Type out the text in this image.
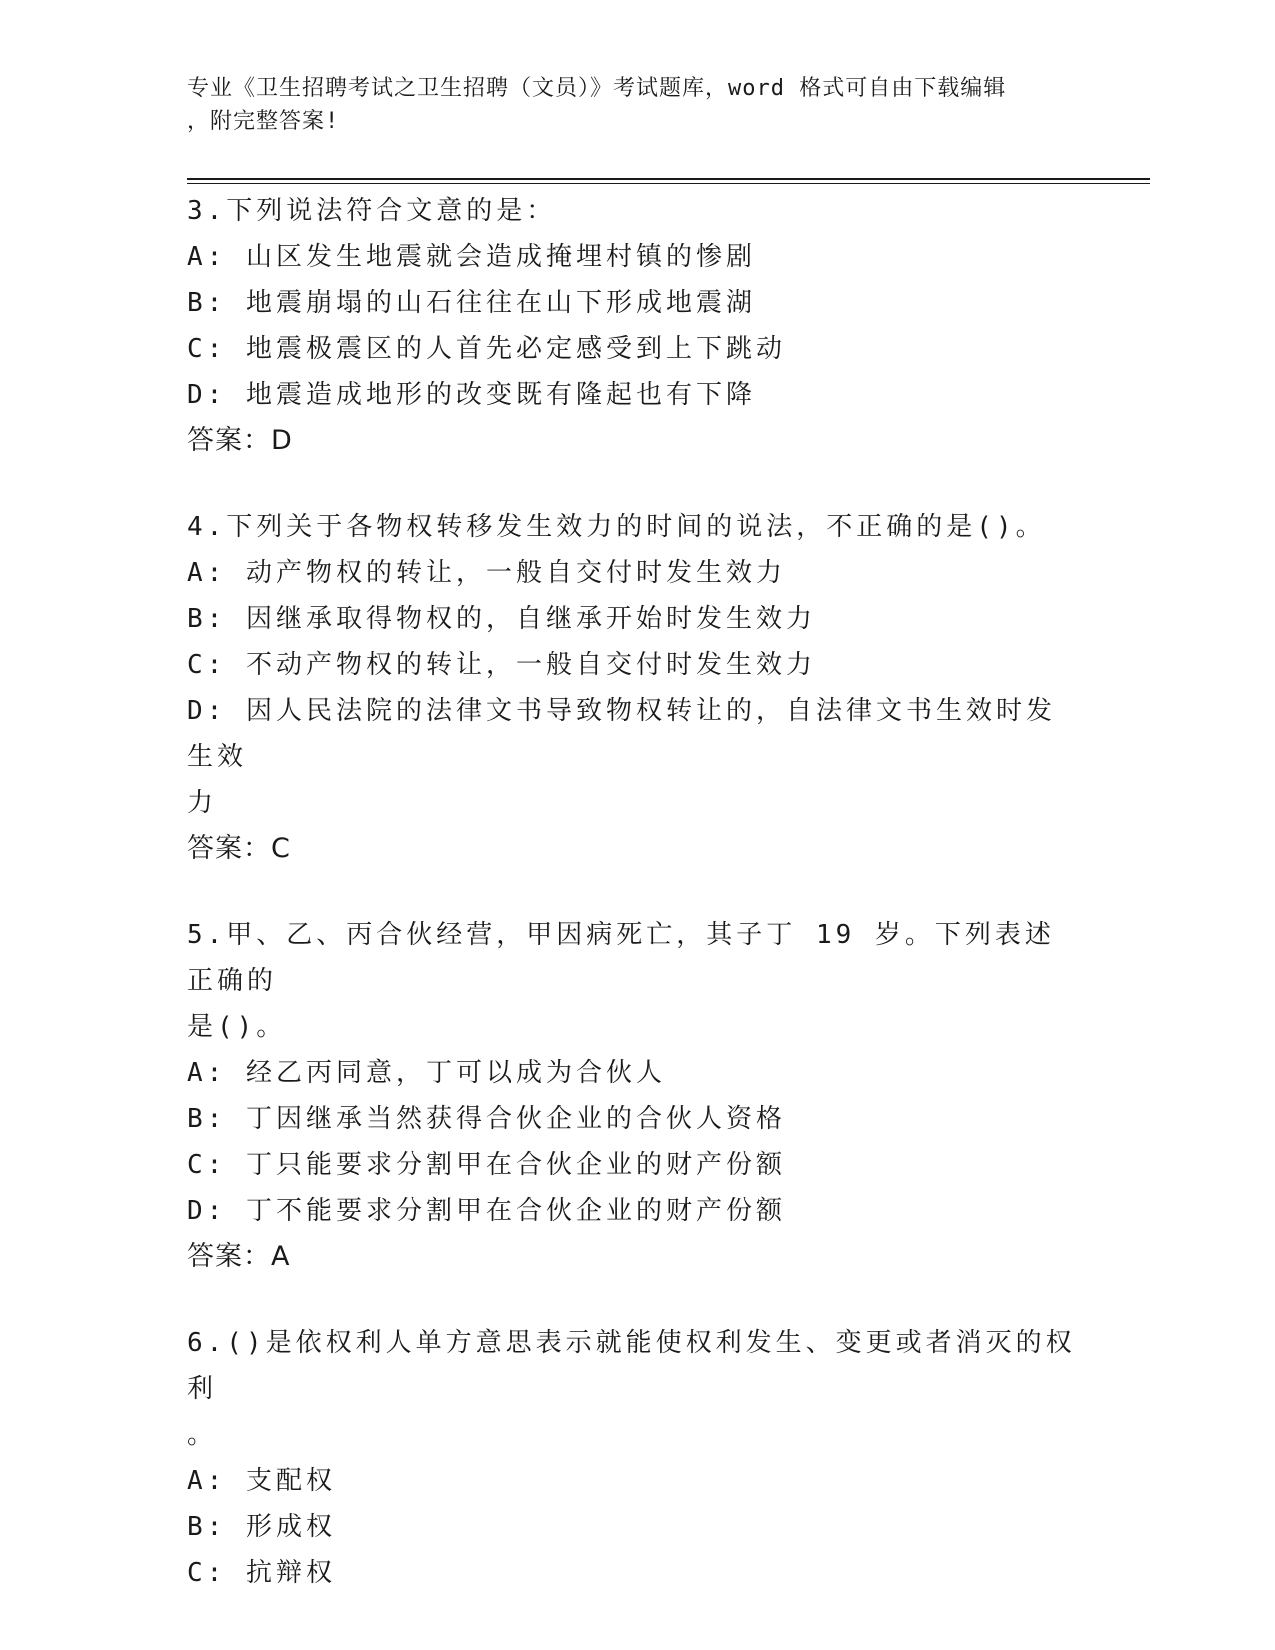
专业《卫生招聘考试之卫生招聘（文员）》考试题库，word 格式可自由下载编辑
，附完整答案!
3.下列说法符合文意的是：
A: 山区发生地震就会造成掩埋村镇的惨剧
B: 地震崩塌的山石往往在山下形成地震湖
C: 地震极震区的人首先必定感受到上下跳动
D: 地震造成地形的改变既有隆起也有下降
答案：D
4.下列关于各物权转移发生效力的时间的说法，不正确的是()。
A: 动产物权的转让，一般自交付时发生效力
B: 因继承取得物权的，自继承开始时发生效力
C: 不动产物权的转让，一般自交付时发生效力
D: 因人民法院的法律文书导致物权转让的，自法律文书生效时发生效
力
答案：C
5.甲、乙、丙合伙经营，甲因病死亡，其子丁 19 岁。下列表述正确的
是()。
A: 经乙丙同意，丁可以成为合伙人
B: 丁因继承当然获得合伙企业的合伙人资格
C: 丁只能要求分割甲在合伙企业的财产份额
D: 丁不能要求分割甲在合伙企业的财产份额
答案：A
6.()是依权利人单方意思表示就能使权利发生、变更或者消灭的权利
。
A: 支配权
B: 形成权
C: 抗辩权
